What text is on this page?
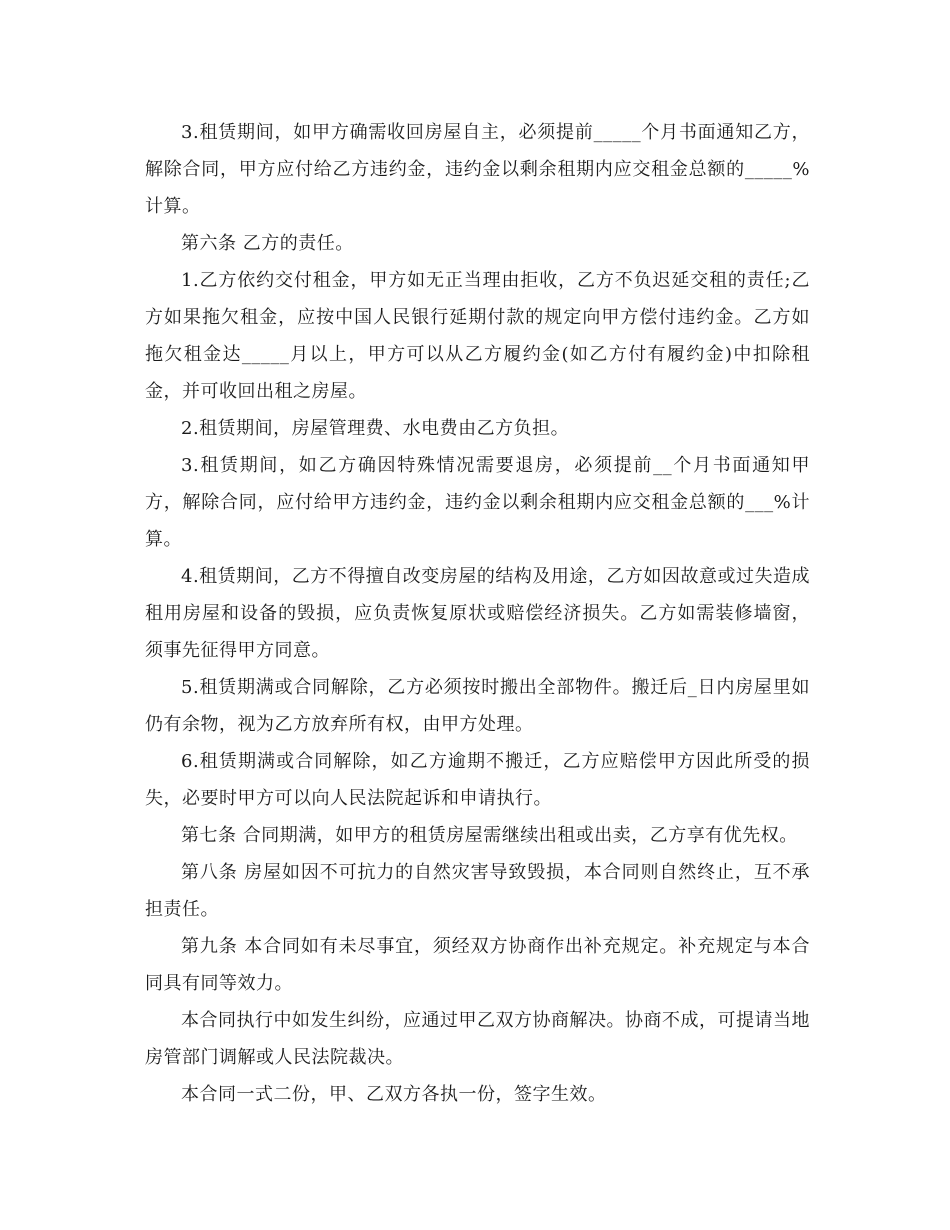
3.租赁期间，如甲方确需收回房屋自主，必须提前_____个月书面通知乙方，解除合同，甲方应付给乙方违约金，违约金以剩余租期内应交租金总额的_____%计算。

第六条 乙方的责任。

1.乙方依约交付租金，甲方如无正当理由拒收，乙方不负迟延交租的责任;乙方如果拖欠租金，应按中国人民银行延期付款的规定向甲方偿付违约金。乙方如拖欠租金达_____月以上，甲方可以从乙方履约金(如乙方付有履约金)中扣除租金，并可收回出租之房屋。

2.租赁期间，房屋管理费、水电费由乙方负担。

3.租赁期间，如乙方确因特殊情况需要退房，必须提前__个月书面通知甲方，解除合同，应付给甲方违约金，违约金以剩余租期内应交租金总额的___%计算。

4.租赁期间，乙方不得擅自改变房屋的结构及用途，乙方如因故意或过失造成租用房屋和设备的毁损，应负责恢复原状或赔偿经济损失。乙方如需装修墙窗，须事先征得甲方同意。

5.租赁期满或合同解除，乙方必须按时搬出全部物件。搬迁后_日内房屋里如仍有余物，视为乙方放弃所有权，由甲方处理。

6.租赁期满或合同解除，如乙方逾期不搬迁，乙方应赔偿甲方因此所受的损失，必要时甲方可以向人民法院起诉和申请执行。

第七条 合同期满，如甲方的租赁房屋需继续出租或出卖，乙方享有优先权。

第八条 房屋如因不可抗力的自然灾害导致毁损，本合同则自然终止，互不承担责任。

第九条 本合同如有未尽事宜，须经双方协商作出补充规定。补充规定与本合同具有同等效力。

本合同执行中如发生纠纷，应通过甲乙双方协商解决。协商不成，可提请当地房管部门调解或人民法院裁决。

本合同一式二份，甲、乙双方各执一份，签字生效。
